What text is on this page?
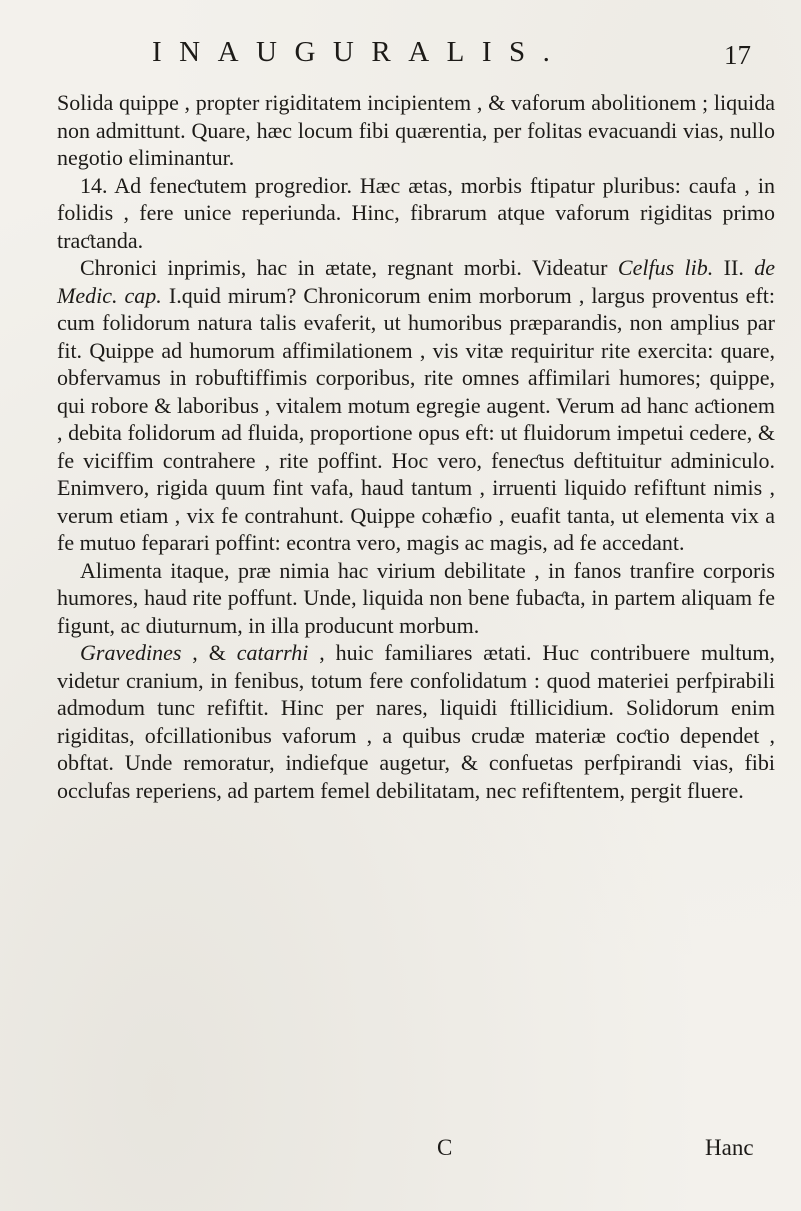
INAUGURALIS.	17

Solida quippe , propter rigiditatem incipientem , & vaforum abolitionem ; liquida non admittunt. Quare, hæc locum fibi quærentia, per folitas evacuandi vias, nullo negotio eliminantur.

14. Ad feneƈtutem progredior. Hæc ætas, morbis ftipatur pluribus: caufa , in folidis , fere unice reperiunda. Hinc, fibrarum atque vaforum rigiditas primo traƈtanda.

Chronici inprimis, hac in ætate, regnant morbi. Videatur Celfus lib. II. de Medic. cap. I.quid mirum? Chronicorum enim morborum , largus proventus eft: cum folidorum natura talis evaferit, ut humoribus præparandis, non amplius par fit. Quippe ad humorum affimilationem , vis vitæ requiritur rite exercita: quare, obfervamus in robuftiffimis corporibus, rite omnes affimilari humores; quippe, qui robore & laboribus , vitalem motum egregie augent. Verum ad hanc aƈtionem , debita folidorum ad fluida, proportione opus eft: ut fluidorum impetui cedere, & fe viciffim contrahere , rite poffint. Hoc vero, feneƈtus deftituitur adminiculo. Enimvero, rigida quum fint vafa, haud tantum , irruenti liquido refiftunt nimis , verum etiam , vix fe contrahunt. Quippe cohæfio , euafit tanta, ut elementa vix a fe mutuo feparari poffint: econtra vero, magis ac magis, ad fe accedant.

Alimenta itaque, præ nimia hac virium debilitate , in fanos tranfire corporis humores, haud rite poffunt. Unde, liquida non bene fubaƈta, in partem aliquam fe figunt, ac diuturnum, in illa producunt morbum.

Gravedines , & catarrhi , huic familiares ætati. Huc contribuere multum, videtur cranium, in fenibus, totum fere confolidatum : quod materiei perfpirabili admodum tunc refiftit. Hinc per nares, liquidi ftillicidium. Solidorum enim rigiditas, ofcillationibus vaforum , a quibus crudæ materiæ coƈtio dependet , obftat. Unde remoratur, indiefque augetur, & confuetas perfpirandi vias, fibi occlufas reperiens, ad partem femel debilitatam, nec refiftentem, pergit fluere.

C	Hanc
